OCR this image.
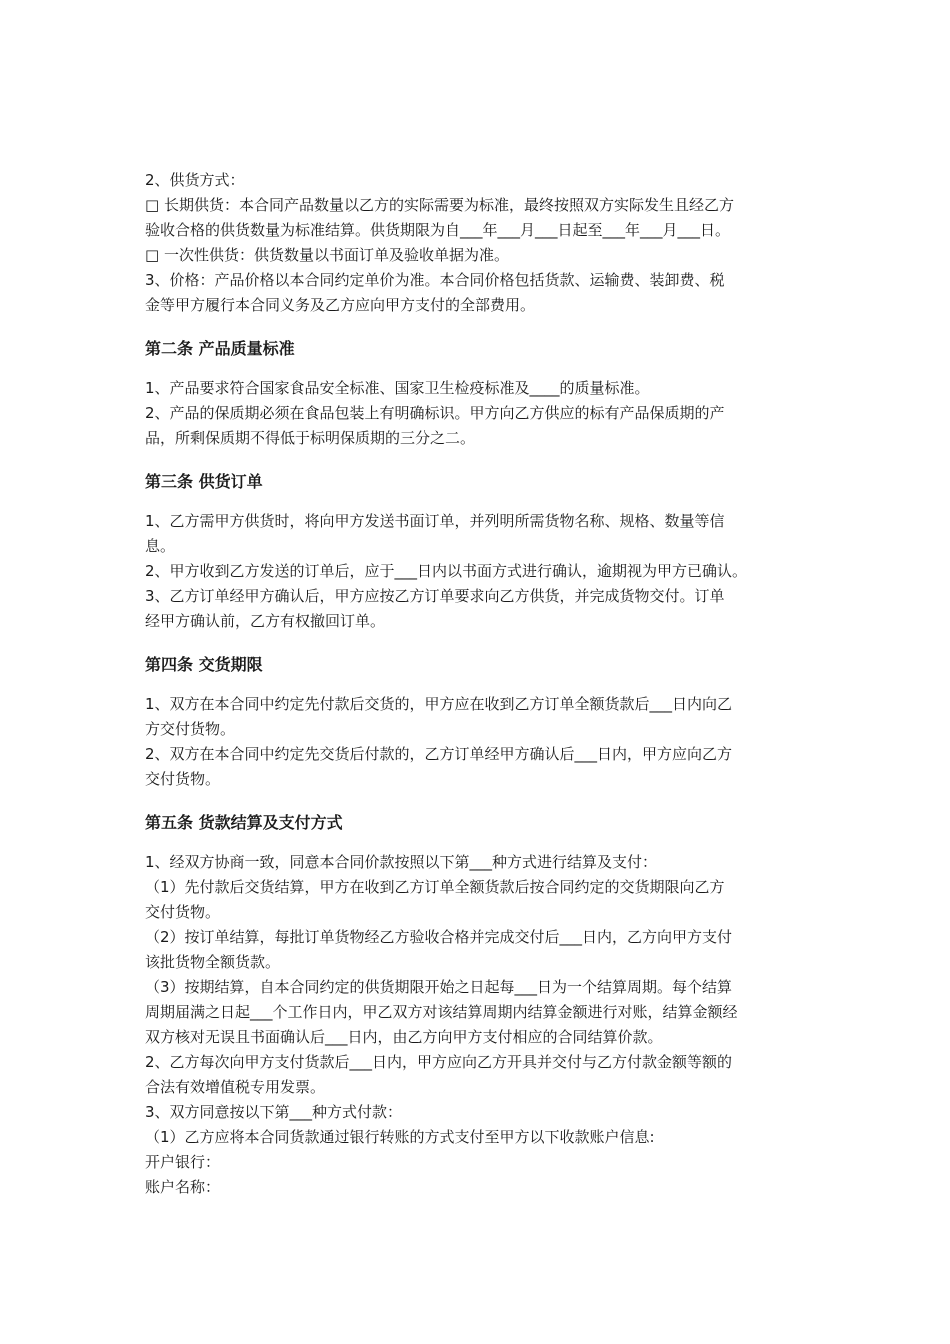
2、供货方式：

□ 长期供货：本合同产品数量以乙方的实际需要为标准，最终按照双方实际发生且经乙方

验收合格的供货数量为标准结算。供货期限为自___年___月___日起至___年___月___日。

□ 一次性供货：供货数量以书面订单及验收单据为准。

3、价格：产品价格以本合同约定单价为准。本合同价格包括货款、运输费、装卸费、税

金等甲方履行本合同义务及乙方应向甲方支付的全部费用。

第二条 产品质量标准

1、产品要求符合国家食品安全标准、国家卫生检疫标准及____的质量标准。

2、产品的保质期必须在食品包装上有明确标识。甲方向乙方供应的标有产品保质期的产

品，所剩保质期不得低于标明保质期的三分之二。

第三条 供货订单

1、乙方需甲方供货时，将向甲方发送书面订单，并列明所需货物名称、规格、数量等信

息。

2、甲方收到乙方发送的订单后，应于___日内以书面方式进行确认，逾期视为甲方已确认。

3、乙方订单经甲方确认后，甲方应按乙方订单要求向乙方供货，并完成货物交付。订单

经甲方确认前，乙方有权撤回订单。

第四条 交货期限

1、双方在本合同中约定先付款后交货的，甲方应在收到乙方订单全额货款后___日内向乙

方交付货物。

2、双方在本合同中约定先交货后付款的，乙方订单经甲方确认后___日内，甲方应向乙方

交付货物。

第五条 货款结算及支付方式

1、经双方协商一致，同意本合同价款按照以下第___种方式进行结算及支付：

（1）先付款后交货结算，甲方在收到乙方订单全额货款后按合同约定的交货期限向乙方

交付货物。

（2）按订单结算，每批订单货物经乙方验收合格并完成交付后___日内，乙方向甲方支付

该批货物全额货款。

（3）按期结算，自本合同约定的供货期限开始之日起每___日为一个结算周期。每个结算

周期届满之日起___个工作日内，甲乙双方对该结算周期内结算金额进行对账，结算金额经

双方核对无误且书面确认后___日内，由乙方向甲方支付相应的合同结算价款。

2、乙方每次向甲方支付货款后___日内，甲方应向乙方开具并交付与乙方付款金额等额的

合法有效增值税专用发票。

3、双方同意按以下第___种方式付款：

（1）乙方应将本合同货款通过银行转账的方式支付至甲方以下收款账户信息:

开户银行：

账户名称：
